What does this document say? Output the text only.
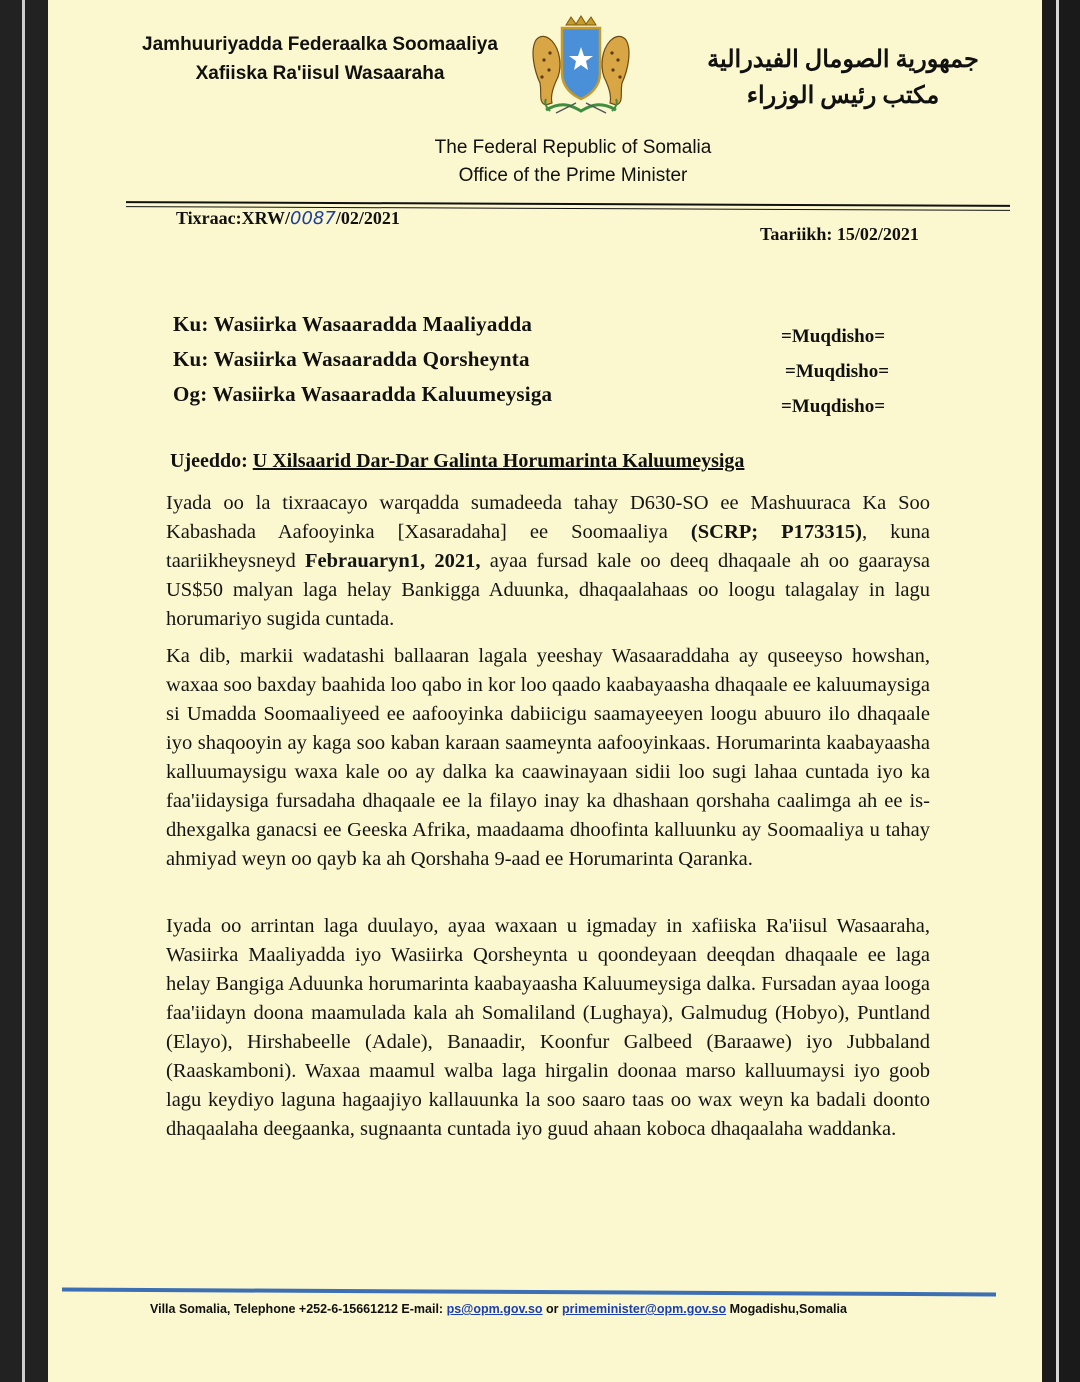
Jamhuuriyadda Federaalka Soomaaliya
Xafiiska Ra'iisul Wasaaraha
جمهورية الصومال الفيدرالية
مكتب رئيس الوزراء
The Federal Republic of Somalia
Office of the Prime Minister
Tixraac:XRW/0087/02/2021
Taariikh: 15/02/2021
Ku: Wasiirka Wasaaradda Maaliyadda
=Muqdisho=
Ku: Wasiirka Wasaaradda Qorsheynta
=Muqdisho=
Og: Wasiirka Wasaaradda Kaluumeysiga
=Muqdisho=
Ujeeddo: U Xilsaarid Dar-Dar Galinta Horumarinta Kaluumeysiga
Iyada oo la tixraacayo warqadda sumadeeda tahay D630-SO ee Mashuuraca Ka Soo Kabashada Aafooyinka [Xasaradaha] ee Soomaaliya (SCRP; P173315), kuna taariikheysneyd Febrauaryn1, 2021, ayaa fursad kale oo deeq dhaqaale ah oo gaaraysa US$50 malyan laga helay Bankigga Aduunka, dhaqaalahaas oo loogu talagalay in lagu horumariyo sugida cuntada.
Ka dib, markii wadatashi ballaaran lagala yeeshay Wasaaraddaha ay quseeyso howshan, waxaa soo baxday baahida loo qabo in kor loo qaado kaabayaasha dhaqaale ee kaluumaysiga si Umadda Soomaaliyeed ee aafooyinka dabiicigu saamayeeyen loogu abuuro ilo dhaqaale iyo shaqooyin ay kaga soo kaban karaan saameynta aafooyinkaas. Horumarinta kaabayaasha kalluumaysigu waxa kale oo ay dalka ka caawinayaan sidii loo sugi lahaa cuntada iyo ka faa'iidaysiga fursadaha dhaqaale ee la filayo inay ka dhashaan qorshaha caalimga ah ee is-dhexgalka ganacsi ee Geeska Afrika, maadaama dhoofinta kalluunku ay Soomaaliya u tahay ahmiyad weyn oo qayb ka ah Qorshaha 9-aad ee Horumarinta Qaranka.
Iyada oo arrintan laga duulayo, ayaa waxaan u igmaday in xafiiska Ra'iisul Wasaaraha, Wasiirka Maaliyadda iyo Wasiirka Qorsheynta u qoondeyaan deeqdan dhaqaale ee laga helay Bangiga Aduunka horumarinta kaabayaasha Kaluumeysiga dalka. Fursadan ayaa looga faa'iidayn doona maamulada kala ah Somaliland (Lughaya), Galmudug (Hobyo), Puntland (Elayo), Hirshabeelle (Adale), Banaadir, Koonfur Galbeed (Baraawe) iyo Jubbaland (Raaskamboni). Waxaa maamul walba laga hirgalin doonaa marso kalluumaysi iyo goob lagu keydiyo laguna hagaajiyo kallauunka la soo saaro taas oo wax weyn ka badali doonto dhaqaalaha deegaanka, sugnaanta cuntada iyo guud ahaan koboca dhaqaalaha waddanka.
Villa Somalia, Telephone +252-6-15661212 E-mail: ps@opm.gov.so or primeminister@opm.gov.so Mogadishu,Somalia
